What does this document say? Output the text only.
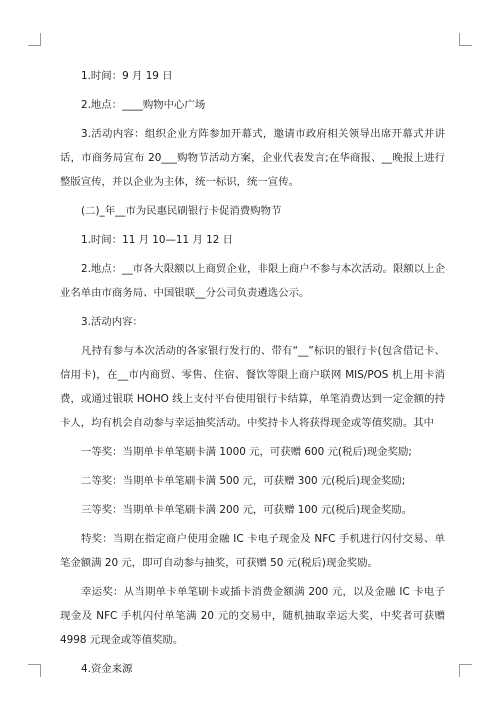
1.时间：9 月 19 日

2.地点：____购物中心广场

3.活动内容：组织企业方阵参加开幕式，邀请市政府相关领导出席开幕式并讲话，市商务局宣布 20___购物节活动方案，企业代表发言;在华商报、__晚报上进行整版宣传，并以企业为主体，统一标识，统一宣传。

(二)_年__市为民惠民刷银行卡促消费购物节

1.时间：11 月 10—11 月 12 日

2.地点：__市各大限额以上商贸企业，非限上商户不参与本次活动。限额以上企业名单由市商务局、中国银联__分公司负责遴选公示。

3.活动内容：

凡持有参与本次活动的各家银行发行的、带有“__”标识的银行卡(包含借记卡、信用卡)，在__市内商贸、零售、住宿、餐饮等限上商户联网 MIS/POS 机上用卡消费，或通过银联 HOHO 线上支付平台使用银行卡结算，单笔消费达到一定金额的持卡人，均有机会自动参与幸运抽奖活动。中奖持卡人将获得现金或等值奖励。其中

一等奖：当期单卡单笔刷卡满 1000 元，可获赠 600 元(税后)现金奖励;

二等奖：当期单卡单笔刷卡满 500 元，可获赠 300 元(税后)现金奖励;

三等奖：当期单卡单笔刷卡满 200 元，可获赠 100 元(税后)现金奖励。

特奖：当期在指定商户使用金融 IC 卡电子现金及 NFC 手机进行闪付交易、单笔金额满 20 元，即可自动参与抽奖，可获赠 50 元(税后)现金奖励。

幸运奖：从当期单卡单笔刷卡或插卡消费金额满 200 元，以及金融 IC 卡电子现金及 NFC 手机闪付单笔满 20 元的交易中，随机抽取幸运大奖，中奖者可获赠 4998 元现金或等值奖励。

4.资金来源
